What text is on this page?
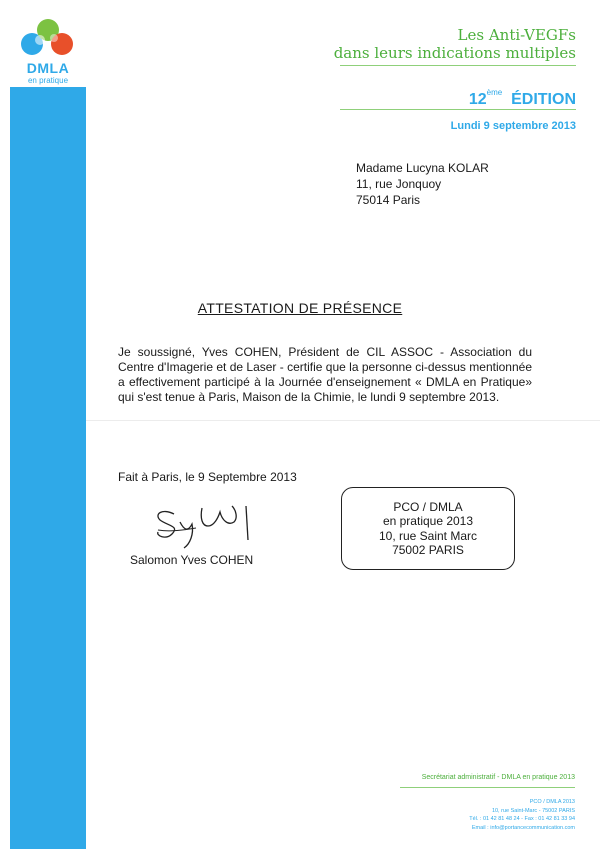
DMLA
en pratique
Les Anti-VEGFs
dans leurs indications multiples
12ème ÉDITION
Lundi 9 septembre 2013
Madame Lucyna KOLAR
11, rue Jonquoy
75014 Paris
ATTESTATION DE PRÉSENCE
Je soussigné, Yves COHEN, Président de CIL ASSOC - Association du Centre d'Imagerie et de Laser - certifie que la personne ci-dessus mentionnée a effectivement participé à la Journée d'enseignement « DMLA en Pratique» qui s'est tenue à Paris, Maison de la Chimie, le lundi 9 septembre 2013.
Fait à Paris, le 9 Septembre 2013
Salomon Yves COHEN
PCO / DMLA
en pratique 2013
10, rue Saint Marc
75002 PARIS
Secrétariat administratif - DMLA en pratique 2013
PCO / DMLA 2013
10, rue Saint-Marc - 75002 PARIS
Tél. : 01 42 81 48 24 - Fax : 01 42 81 33 94
Email : info@portancecommunication.com
